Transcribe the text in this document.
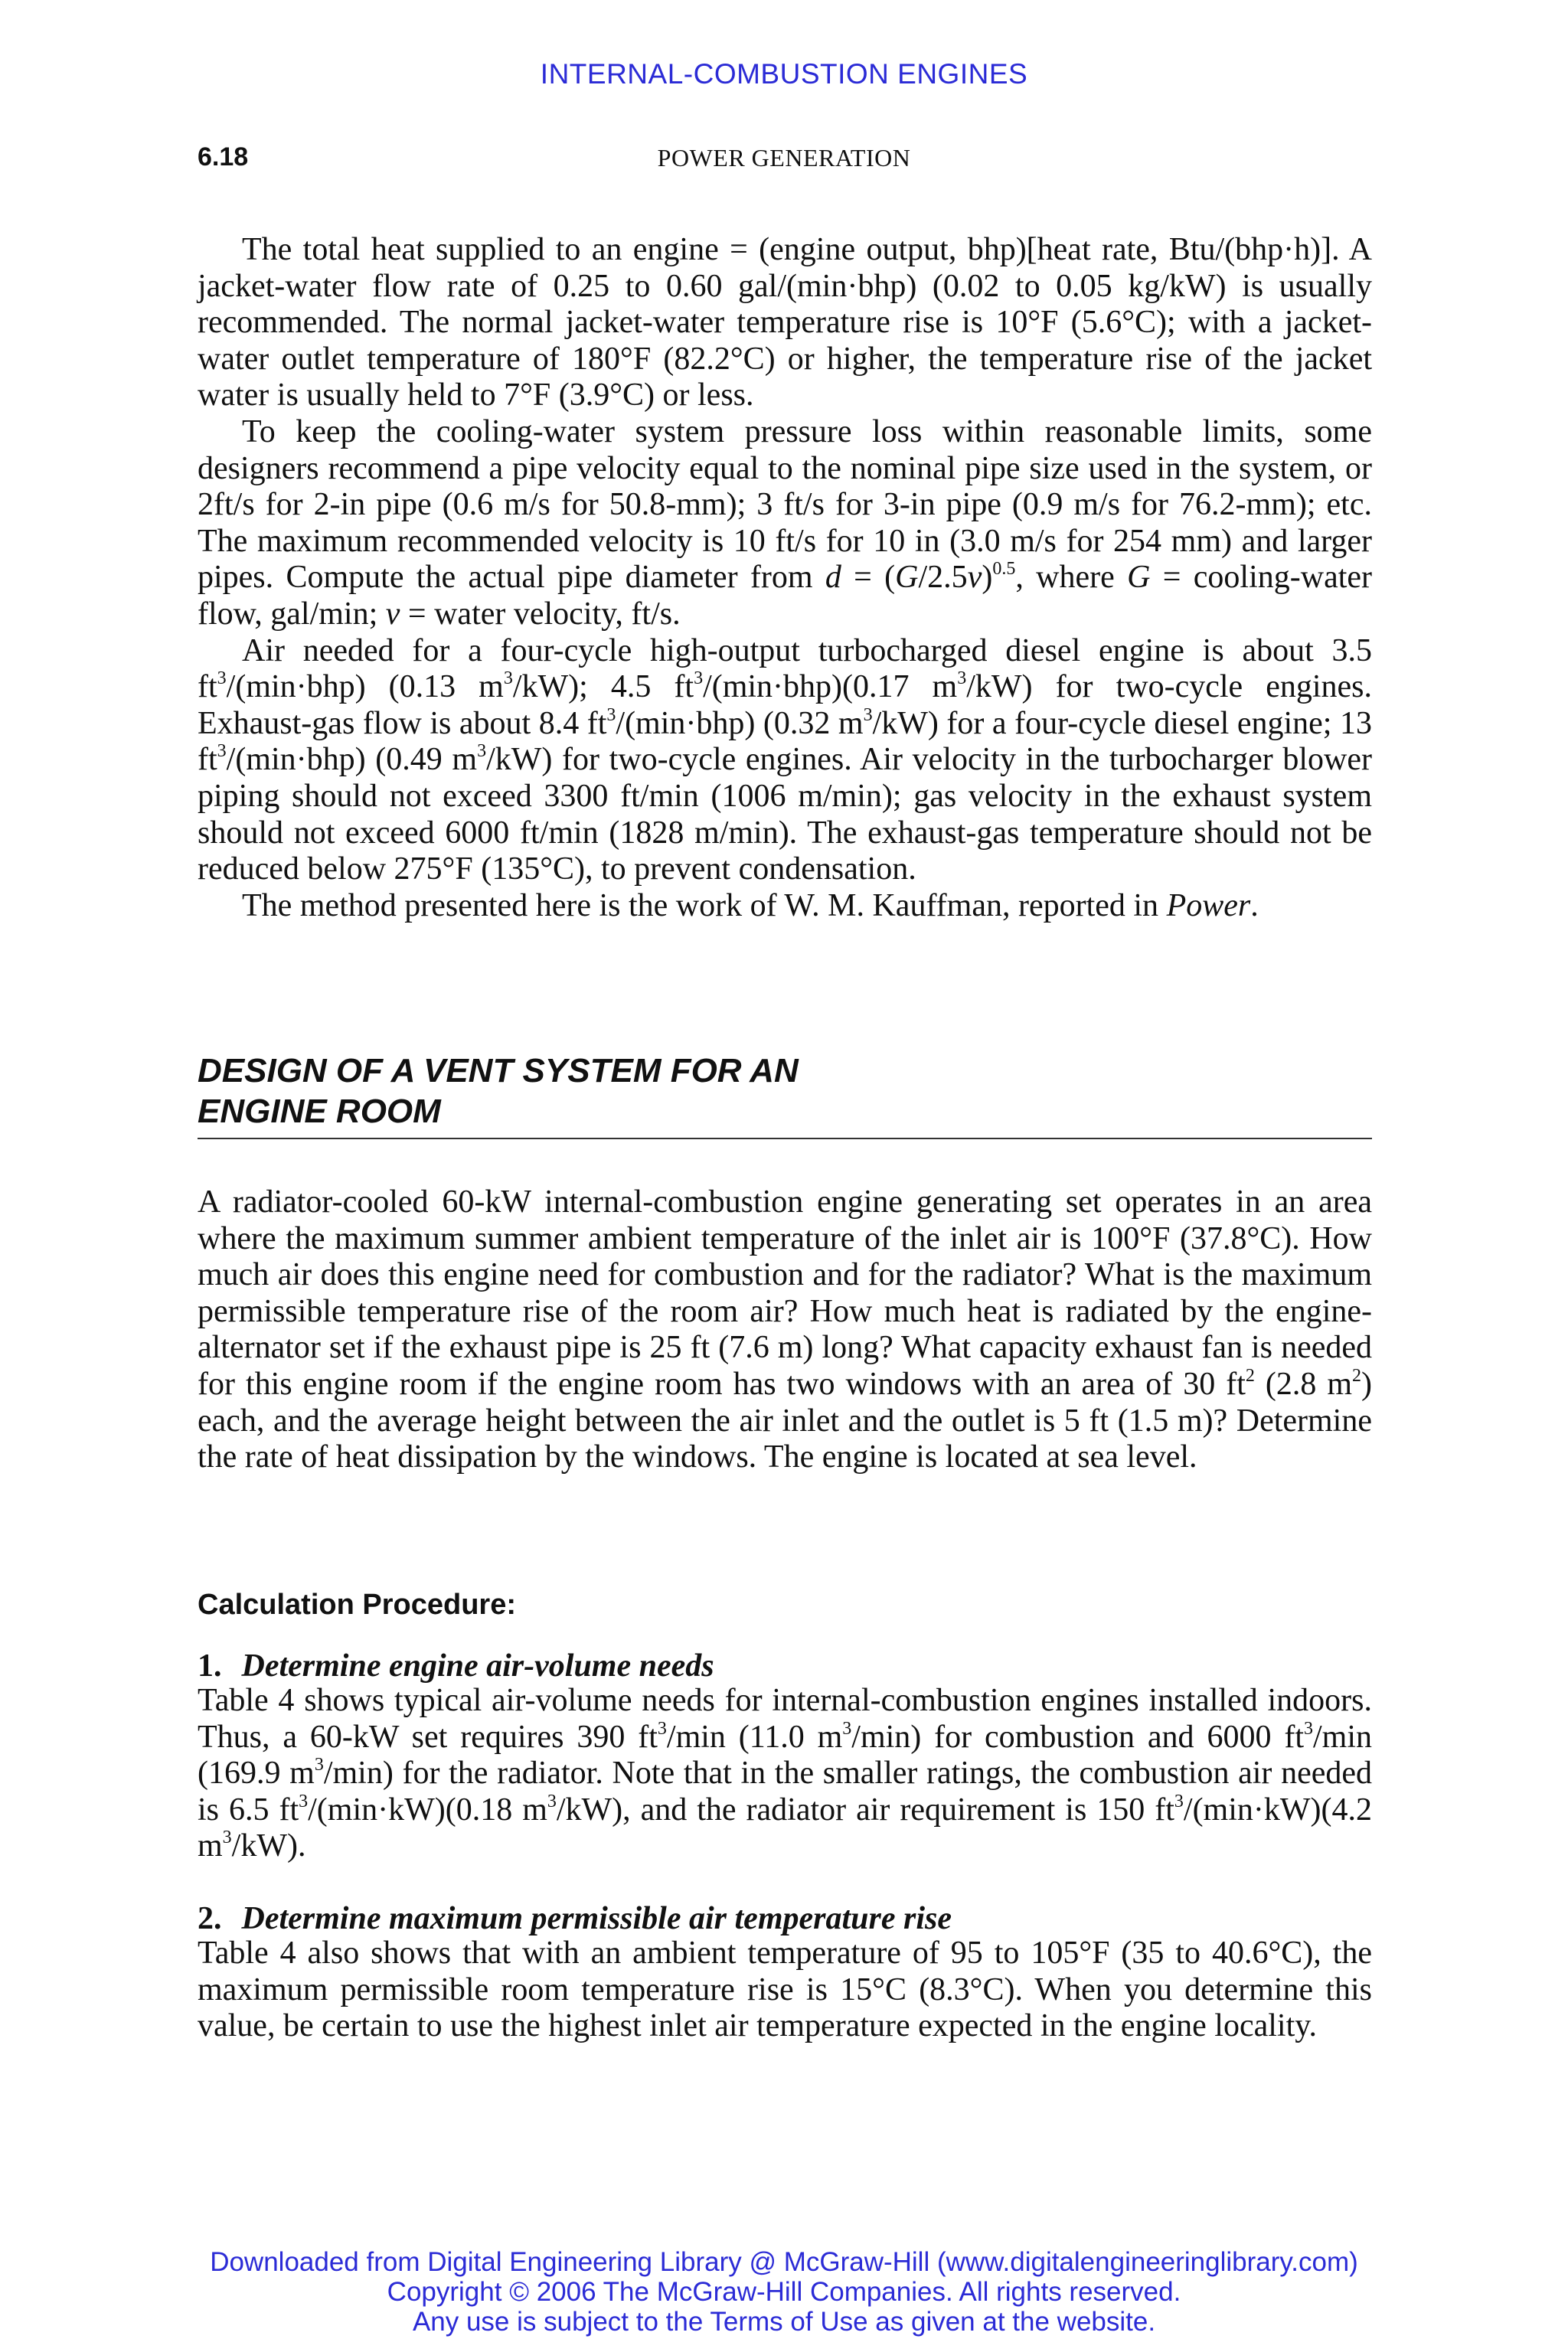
INTERNAL-COMBUSTION ENGINES
6.18	POWER GENERATION

The total heat supplied to an engine = (engine output, bhp)[heat rate, Btu/(bhp·h)]. A jacket-water flow rate of 0.25 to 0.60 gal/(min·bhp) (0.02 to 0.05 kg/kW) is usually recommended. The normal jacket-water temperature rise is 10°F (5.6°C); with a jacket-water outlet temperature of 180°F (82.2°C) or higher, the temperature rise of the jacket water is usually held to 7°F (3.9°C) or less.

To keep the cooling-water system pressure loss within reasonable limits, some designers recommend a pipe velocity equal to the nominal pipe size used in the system, or 2ft/s for 2-in pipe (0.6 m/s for 50.8-mm); 3 ft/s for 3-in pipe (0.9 m/s for 76.2-mm); etc. The maximum recommended velocity is 10 ft/s for 10 in (3.0 m/s for 254 mm) and larger pipes. Compute the actual pipe diameter from $d = (G/2.5v)^{0.5}$, where G = cooling-water flow, gal/min; v = water velocity, ft/s.

Air needed for a four-cycle high-output turbocharged diesel engine is about 3.5 $ft^3/(\min\cdot bhp)$ (0.13 $m^3/kW$); 4.5 $ft^3/(\min\cdot bhp)(0.17$ $m^3/kW$) for two-cycle engines. Exhaust-gas flow is about 8.4 $ft^3/(\min\cdot bhp)$ (0.32 $m^3/kW$) for a four-cycle diesel engine; 13 $ft^3/(\min\cdot bhp)$ (0.49 $m^3/kW$) for two-cycle engines. Air velocity in the turbocharger blower piping should not exceed 3300 ft/min (1006 m/min); gas velocity in the exhaust system should not exceed 6000 ft/min (1828 m/min). The exhaust-gas temperature should not be reduced below 275°F (135°C), to prevent condensation.

The method presented here is the work of W. M. Kauffman, reported in Power.

DESIGN OF A VENT SYSTEM FOR AN
ENGINE ROOM

A radiator-cooled 60-kW internal-combustion engine generating set operates in an area where the maximum summer ambient temperature of the inlet air is 100°F (37.8°C). How much air does this engine need for combustion and for the radiator? What is the maximum permissible temperature rise of the room air? How much heat is radiated by the engine-alternator set if the exhaust pipe is 25 ft (7.6 m) long? What capacity exhaust fan is needed for this engine room if the engine room has two windows with an area of 30 $ft^2$ (2.8 $m^2$) each, and the average height between the air inlet and the outlet is 5 ft (1.5 m)? Determine the rate of heat dissipation by the windows. The engine is located at sea level.

Calculation Procedure:
1. Determine engine air-volume needs

Table 4 shows typical air-volume needs for internal-combustion engines installed indoors. Thus, a 60-kW set requires 390 $ft^3/\min$ (11.0 $m^3/\min$) for combustion and 6000 $ft^3/\min$ (169.9 $m^3/\min$) for the radiator. Note that in the smaller ratings, the combustion air needed is 6.5 $ft^3/(\min\cdot kW)(0.18$ $m^3/kW$), and the radiator air requirement is 150 $ft^3/(\min\cdot kW)(4.2$ $m^3/kW$).

2. Determine maximum permissible air temperature rise

Table 4 also shows that with an ambient temperature of 95 to 105°F (35 to 40.6°C), the maximum permissible room temperature rise is 15°C (8.3°C). When you determine this value, be certain to use the highest inlet air temperature expected in the engine locality.

Downloaded from Digital Engineering Library @ McGraw-Hill (www.digitalengineeringlibrary.com)
Copyright © 2006 The McGraw-Hill Companies. All rights reserved.
Any use is subject to the Terms of Use as given at the website.
